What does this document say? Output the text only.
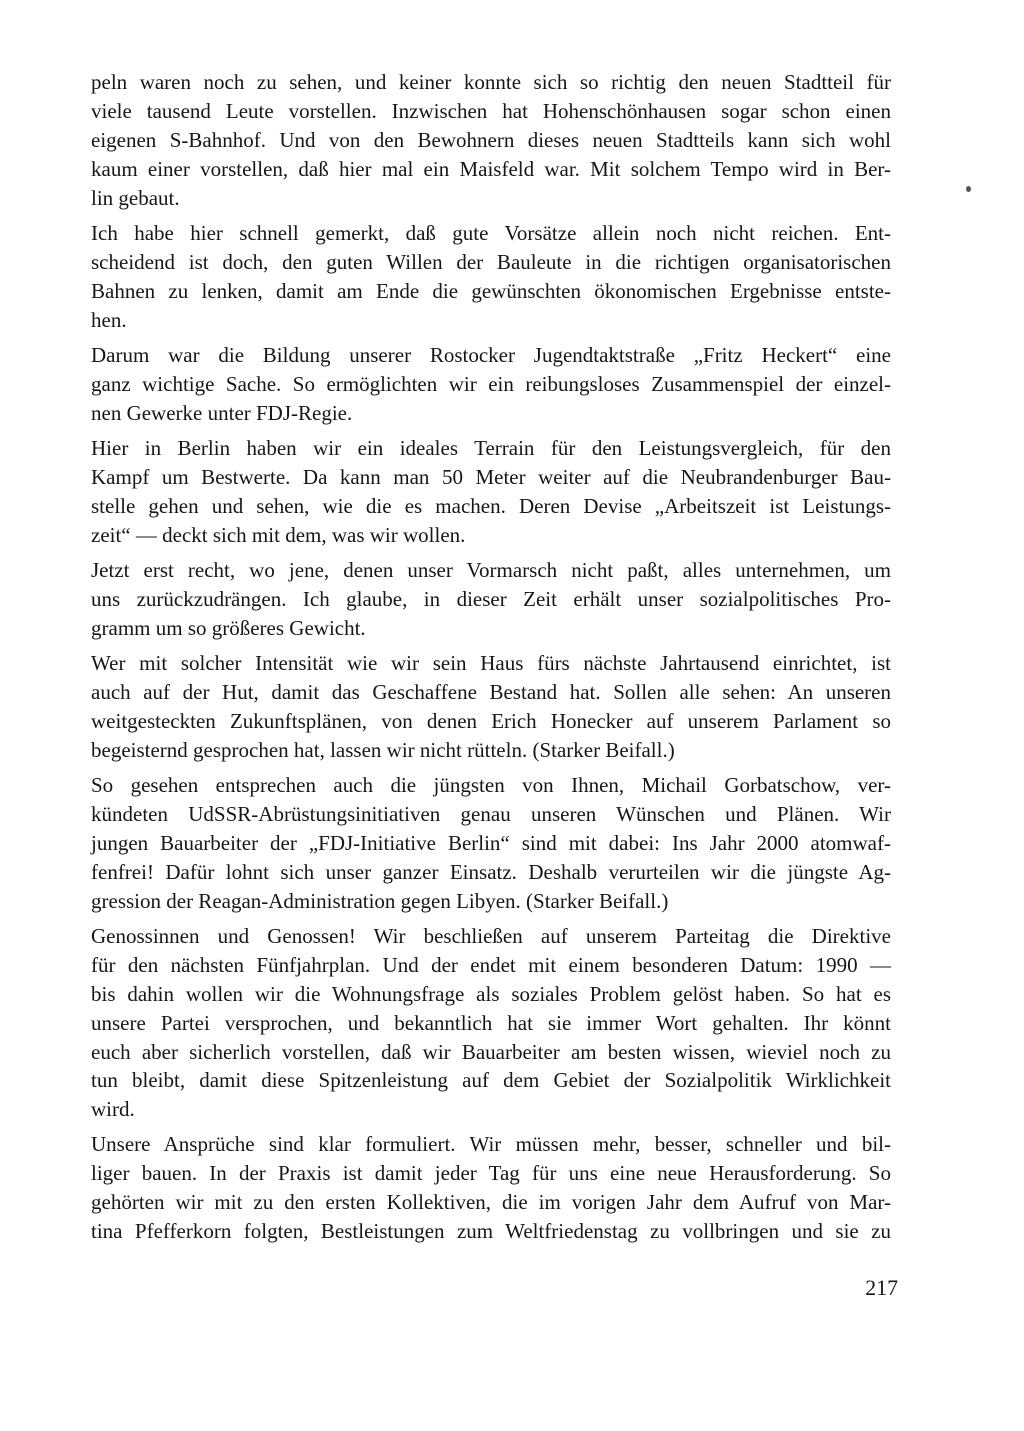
peln waren noch zu sehen, und keiner konnte sich so richtig den neuen Stadtteil für
viele tausend Leute vorstellen. Inzwischen hat Hohenschönhausen sogar schon einen
eigenen S-Bahnhof. Und von den Bewohnern dieses neuen Stadtteils kann sich wohl
kaum einer vorstellen, daß hier mal ein Maisfeld war. Mit solchem Tempo wird in Ber-
lin gebaut.
Ich habe hier schnell gemerkt, daß gute Vorsätze allein noch nicht reichen. Ent-
scheidend ist doch, den guten Willen der Bauleute in die richtigen organisatorischen
Bahnen zu lenken, damit am Ende die gewünschten ökonomischen Ergebnisse entste-
hen.
Darum war die Bildung unserer Rostocker Jugendtaktstraße „Fritz Heckert“ eine
ganz wichtige Sache. So ermöglichten wir ein reibungsloses Zusammenspiel der einzel-
nen Gewerke unter FDJ-Regie.
Hier in Berlin haben wir ein ideales Terrain für den Leistungsvergleich, für den
Kampf um Bestwerte. Da kann man 50 Meter weiter auf die Neubrandenburger Bau-
stelle gehen und sehen, wie die es machen. Deren Devise „Arbeitszeit ist Leistungs-
zeit“ — deckt sich mit dem, was wir wollen.
Jetzt erst recht, wo jene, denen unser Vormarsch nicht paßt, alles unternehmen, um
uns zurückzudrängen. Ich glaube, in dieser Zeit erhält unser sozialpolitisches Pro-
gramm um so größeres Gewicht.
Wer mit solcher Intensität wie wir sein Haus fürs nächste Jahrtausend einrichtet, ist
auch auf der Hut, damit das Geschaffene Bestand hat. Sollen alle sehen: An unseren
weitgesteckten Zukunftsplänen, von denen Erich Honecker auf unserem Parlament so
begeisternd gesprochen hat, lassen wir nicht rütteln. (Starker Beifall.)
So gesehen entsprechen auch die jüngsten von Ihnen, Michail Gorbatschow, ver-
kündeten UdSSR-Abrüstungsinitiativen genau unseren Wünschen und Plänen. Wir
jungen Bauarbeiter der „FDJ-Initiative Berlin“ sind mit dabei: Ins Jahr 2000 atomwaf-
fenfrei! Dafür lohnt sich unser ganzer Einsatz. Deshalb verurteilen wir die jüngste Ag-
gression der Reagan-Administration gegen Libyen. (Starker Beifall.)
Genossinnen und Genossen! Wir beschließen auf unserem Parteitag die Direktive
für den nächsten Fünfjahrplan. Und der endet mit einem besonderen Datum: 1990 —
bis dahin wollen wir die Wohnungsfrage als soziales Problem gelöst haben. So hat es
unsere Partei versprochen, und bekanntlich hat sie immer Wort gehalten. Ihr könnt
euch aber sicherlich vorstellen, daß wir Bauarbeiter am besten wissen, wieviel noch zu
tun bleibt, damit diese Spitzenleistung auf dem Gebiet der Sozialpolitik Wirklichkeit
wird.
Unsere Ansprüche sind klar formuliert. Wir müssen mehr, besser, schneller und bil-
liger bauen. In der Praxis ist damit jeder Tag für uns eine neue Herausforderung. So
gehörten wir mit zu den ersten Kollektiven, die im vorigen Jahr dem Aufruf von Mar-
tina Pfefferkorn folgten, Bestleistungen zum Weltfriedenstag zu vollbringen und sie zu
217
